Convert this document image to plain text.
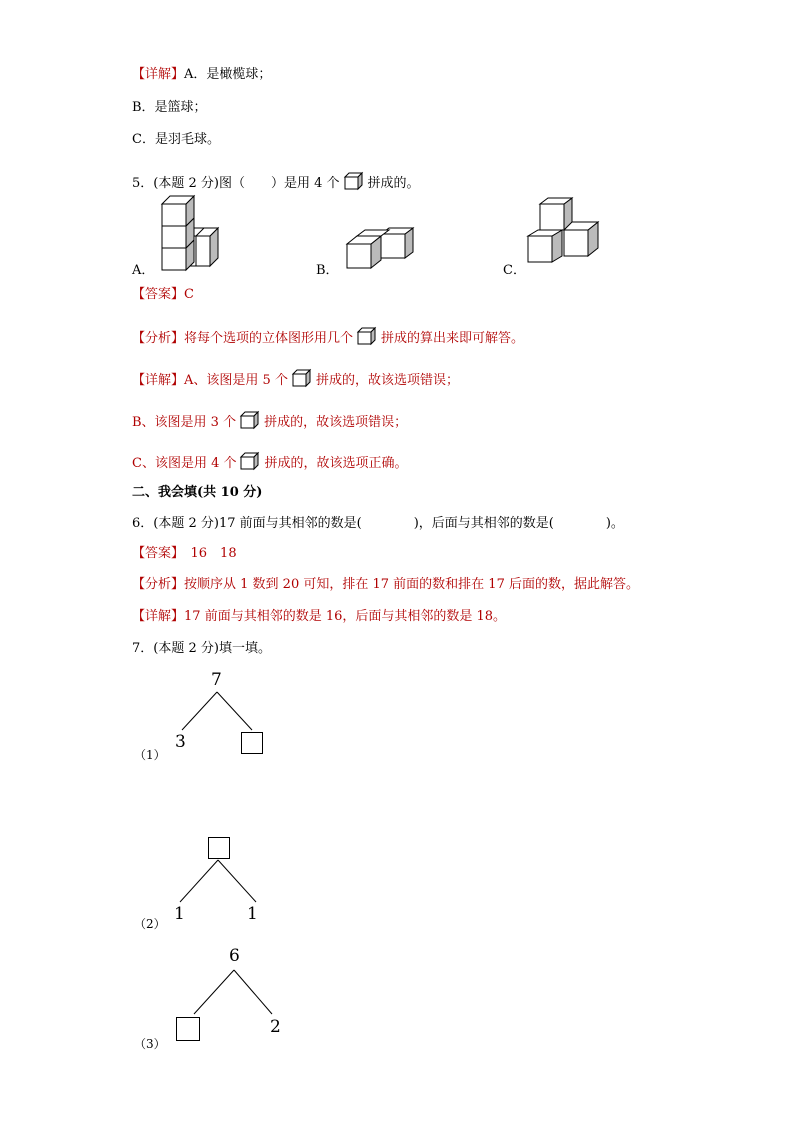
【详解】A．是橄榄球；
B．是篮球；
C．是羽毛球。
5．(本题 2 分)图（　　）是用 4 个 拼成的。
A．	B．	C．
【答案】C
【分析】将每个选项的立体图形用几个 拼成的算出来即可解答。
【详解】A、该图是用 5 个 拼成的，故该选项错误；
B、该图是用 3 个 拼成的，故该选项错误；
C、该图是用 4 个 拼成的，故该选项正确。
二、我会填(共 10 分)
6．(本题 2 分)17 前面与其相邻的数是(　　　　)，后面与其相邻的数是(　　　　)。
【答案】　16　18
【分析】按顺序从 1 数到 20 可知，排在 17 前面的数和排在 17 后面的数，据此解答。
【详解】17 前面与其相邻的数是 16，后面与其相邻的数是 18。
7．(本题 2 分)填一填。
（1）
7
3
（2） 1	1
（3）
6
2
